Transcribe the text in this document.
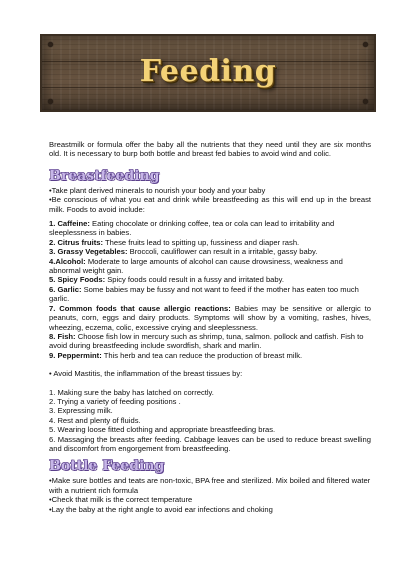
Feeding

Breastmilk or formula offer the baby all the nutrients that they need until they are six months old. It is necessary to burp both bottle and breast fed babies to avoid wind and colic.

Breastfeeding

•Take plant derived minerals to nourish your body and your baby

•Be conscious of what you eat and drink while breastfeeding as this will end up in the breast milk. Foods to avoid include:

1. Caffeine: Eating chocolate or drinking coffee, tea or cola can lead to irritability and sleeplessness in babies.

2. Citrus fruits: These fruits lead to spitting up, fussiness and diaper rash.

3. Grassy Vegetables: Broccoli, cauliflower can result in a irritable, gassy baby.

4.Alcohol: Moderate to large amounts of alcohol can cause drowsiness, weakness and abnormal weight gain.

5. Spicy Foods: Spicy foods could result in a fussy and irritated baby.

6. Garlic: Some babies may be fussy and not want to feed if the mother has eaten too much garlic.

7. Common foods that cause allergic reactions: Babies may be sensitive or allergic to peanuts, corn, eggs and dairy products. Symptoms will show by a vomiting, rashes, hives, wheezing, eczema, colic, excessive crying and sleeplessness.

8. Fish: Choose fish low in mercury such as shrimp, tuna, salmon. pollock and catfish. Fish to avoid during breastfeeding include swordfish, shark and marlin.

9. Peppermint: This herb and tea can reduce the production of breast milk.

• Avoid Mastitis, the inflammation of the breast tissues by:

1. Making sure the baby has latched on correctly.

2. Trying a variety of feeding positions .

3. Expressing milk.

4. Rest and plenty of fluids.

5. Wearing loose fitted clothing and appropriate breastfeeding bras.

6. Massaging the breasts after feeding. Cabbage leaves can be used to reduce breast swelling and discomfort from engorgement from breastfeeding.

Bottle Feeding

•Make sure bottles and teats are non-toxic, BPA free and sterilized. Mix boiled and filtered water with a nutrient rich formula

•Check that milk is the correct temperature

•Lay the baby at the right angle to avoid ear infections and choking
